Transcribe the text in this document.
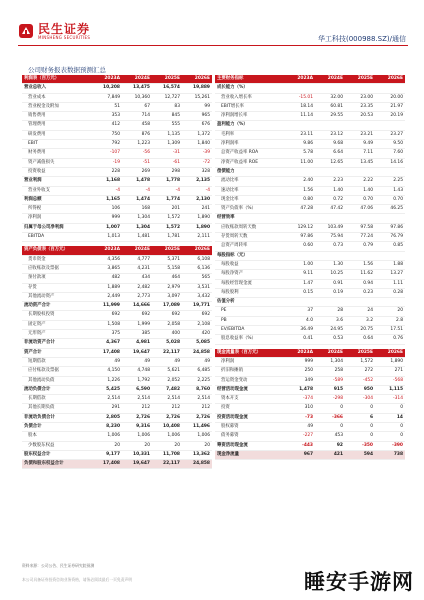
民生证券
MINSHENG SECURITIES	华工科技(000988.SZ)/通信
公司财务报表数据预测汇总
利润表（百万元）	2023A	2024E	2025E	2026E
营业总收入	10,208	13,475	16,574	19,889
营业成本	7,849	10,360	12,727	15,261
营业税金及附加	51	67	83	99
销售费用	353	714	845	965
管理费用	412	458	555	676
研发费用	750	876	1,135	1,372
EBIT	792	1,223	1,309	1,840
财务费用	-107	-56	-31	-39
资产减值损失	-19	-51	-61	-72
投资收益	228	269	298	328
营业利润	1,168	1,478	1,778	2,135
营业外收支	-4	-4	-4	-4
利润总额	1,165	1,474	1,774	2,130
所得税	106	168	201	241
净利润	999	1,304	1,572	1,890
归属于母公司净利润	1,007	1,304	1,572	1,890
EBITDA	1,013	1,481	1,781	2,111
资产负债表（百万元）	2023A	2024E	2025E	2026E
货币资金	4,356	4,777	5,371	6,108
应收账款及票据	3,865	4,231	5,158	6,136
预付款项	482	434	464	565
存货	1,889	2,482	2,979	3,531
其他流动资产	2,449	2,773	3,097	3,432
流动资产合计	11,999	14,666	17,089	19,771
长期股权投资	692	692	692	692
固定资产	1,508	1,999	2,058	2,108
无形资产	375	385	400	420
非流动资产合计	4,367	4,981	5,028	5,085
资产合计	17,408	19,647	22,117	24,858
短期借款	49	49	49	49
应付账款及票据	4,150	4,748	5,621	6,485
其他流动负债	1,226	1,792	2,052	2,225
流动负债合计	5,425	6,590	7,482	8,760
长期借款	2,514	2,514	2,514	2,514
其他长期负债	291	212	212	212
非流动负债合计	2,805	2,726	2,726	2,726
负债合计	8,230	9,316	10,408	11,496
股本	1,006	1,006	1,006	1,006
少数股东权益	20	20	20	20
股东权益合计	9,177	10,331	11,708	13,362
负债和股东权益合计	17,408	19,647	22,117	24,858
主要财务指标	2023A	2024E	2025E	2026E
成长能力（%）				
营业收入增长率	-15.01	32.00	23.00	20.00
EBIT增长率	18.14	60.81	23.35	21.97
净利润增长率	11.14	29.55	20.53	20.19
盈利能力（%）				
毛利率	23.11	23.12	23.21	23.27
净利润率	9.86	9.68	9.49	9.50
总资产收益率 ROA	5.78	6.64	7.11	7.60
净资产收益率 ROE	11.00	12.65	13.45	14.16
偿债能力				
流动比率	2.40	2.23	2.22	2.25
速动比率	1.56	1.40	1.40	1.43
现金比率	0.80	0.72	0.70	0.70
资产负债率（%）	47.28	47.42	47.06	46.25
经营效率				
应收账款周转天数	129.12	103.49	97.58	97.86
存货周转天数	97.86	75.94	77.24	76.79
总资产周转率	0.60	0.73	0.79	0.85
每股指标（元）				
每股收益	1.00	1.30	1.56	1.88
每股净资产	9.11	10.25	11.62	13.27
每股经营现金流	1.47	0.91	0.94	1.11
每股股利	0.15	0.19	0.23	0.28
估值分析				
PE	37	28	24	20
PB	4.0	3.6	3.2	2.8
EV/EBITDA	36.49	24.95	20.75	17.51
股息收益率（%）	0.41	0.53	0.64	0.76
现金流量表（百万元）	2023A	2024E	2025E	2026E
净利润	999	1,304	1,572	1,890
折旧和摊销	250	258	272	271
营运资金变动	349	-589	-452	-568
经营活动现金流	1,478	915	950	1,115
资本开支	-374	-298	-304	-314
投资	310	0	0	0
投资活动现金流	-73	-366	6	14
股权募资	49	0	0	0
债务募资	-227	453	0	0
筹资活动现金流	-443	92	-350	-390
现金净流量	967	421	594	738
资料来源：公司公告、民生证券研究院预测
本公司具备证券投资咨询业务资格，请务必阅读最后一页免责声明	睡安手游网
